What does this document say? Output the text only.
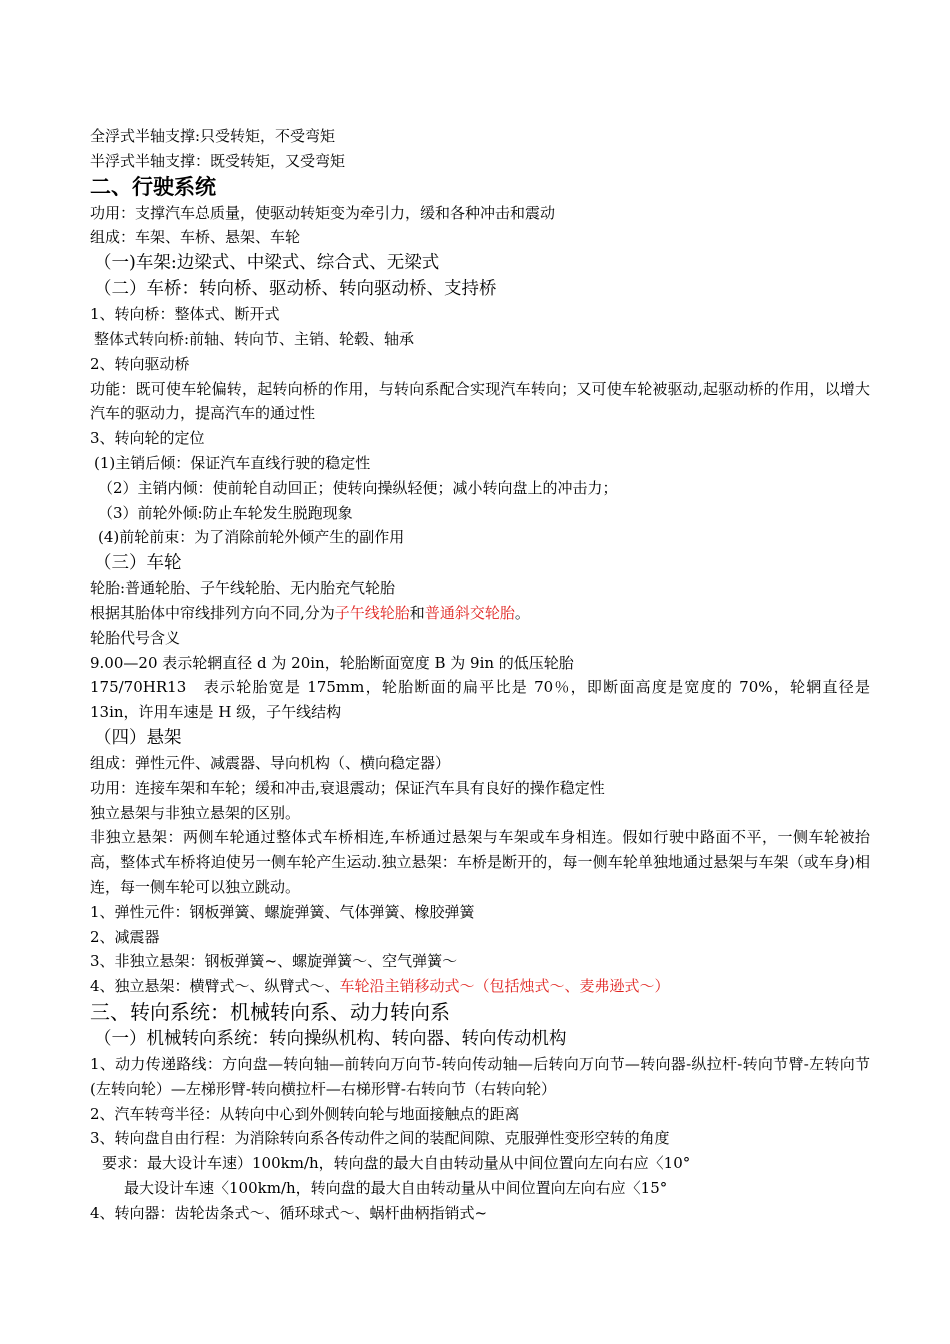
全浮式半轴支撑:只受转矩，不受弯矩
半浮式半轴支撑：既受转矩，又受弯矩
二、行驶系统
功用：支撑汽车总质量，使驱动转矩变为牵引力，缓和各种冲击和震动
组成：车架、车桥、悬架、车轮
（一)车架:边梁式、中梁式、综合式、无梁式
（二）车桥：转向桥、驱动桥、转向驱动桥、支持桥
1、转向桥：整体式、断开式
整体式转向桥:前轴、转向节、主销、轮毂、轴承
2、转向驱动桥
功能：既可使车轮偏转，起转向桥的作用，与转向系配合实现汽车转向；又可使车轮被驱动,起驱动桥的作用，以增大汽车的驱动力，提高汽车的通过性
3、转向轮的定位
(1)主销后倾：保证汽车直线行驶的稳定性
（2）主销内倾：使前轮自动回正；使转向操纵轻便；减小转向盘上的冲击力；
（3）前轮外倾:防止车轮发生脱跑现象
(4)前轮前束：为了消除前轮外倾产生的副作用
（三）车轮
轮胎:普通轮胎、子午线轮胎、无内胎充气轮胎
根据其胎体中帘线排列方向不同,分为子午线轮胎和普通斜交轮胎。
轮胎代号含义
9.00—20 表示轮辋直径 d 为 20in，轮胎断面宽度 B 为 9in 的低压轮胎
175/70HR13　表示轮胎宽是 175mm，轮胎断面的扁平比是 70％，即断面高度是宽度的 70%，轮辋直径是 13in，许用车速是 H 级，子午线结构
（四）悬架
组成：弹性元件、减震器、导向机构（、横向稳定器）
功用：连接车架和车轮；缓和冲击,衰退震动；保证汽车具有良好的操作稳定性
独立悬架与非独立悬架的区别。
非独立悬架：两侧车轮通过整体式车桥相连,车桥通过悬架与车架或车身相连。假如行驶中路面不平，一侧车轮被抬高，整体式车桥将迫使另一侧车轮产生运动.独立悬架：车桥是断开的，每一侧车轮单独地通过悬架与车架（或车身)相连，每一侧车轮可以独立跳动。
1、弹性元件：钢板弹簧、螺旋弹簧、气体弹簧、橡胶弹簧
2、减震器
3、非独立悬架：钢板弹簧~、螺旋弹簧～、空气弹簧～
4、独立悬架：横臂式～、纵臂式～、车轮沿主销移动式～（包括烛式～、麦弗逊式～）
三、转向系统：机械转向系、动力转向系
（一）机械转向系统：转向操纵机构、转向器、转向传动机构
1、动力传递路线：方向盘—转向轴—前转向万向节-转向传动轴—后转向万向节—转向器-纵拉杆-转向节臂-左转向节(左转向轮）—左梯形臂-转向横拉杆—右梯形臂-右转向节（右转向轮）
2、汽车转弯半径：从转向中心到外侧转向轮与地面接触点的距离
3、转向盘自由行程：为消除转向系各传动件之间的装配间隙、克服弹性变形空转的角度
要求：最大设计车速）100km/h，转向盘的最大自由转动量从中间位置向左向右应〈10°
最大设计车速〈100km/h，转向盘的最大自由转动量从中间位置向左向右应〈15°
4、转向器：齿轮齿条式～、循环球式～、蜗杆曲柄指销式~
